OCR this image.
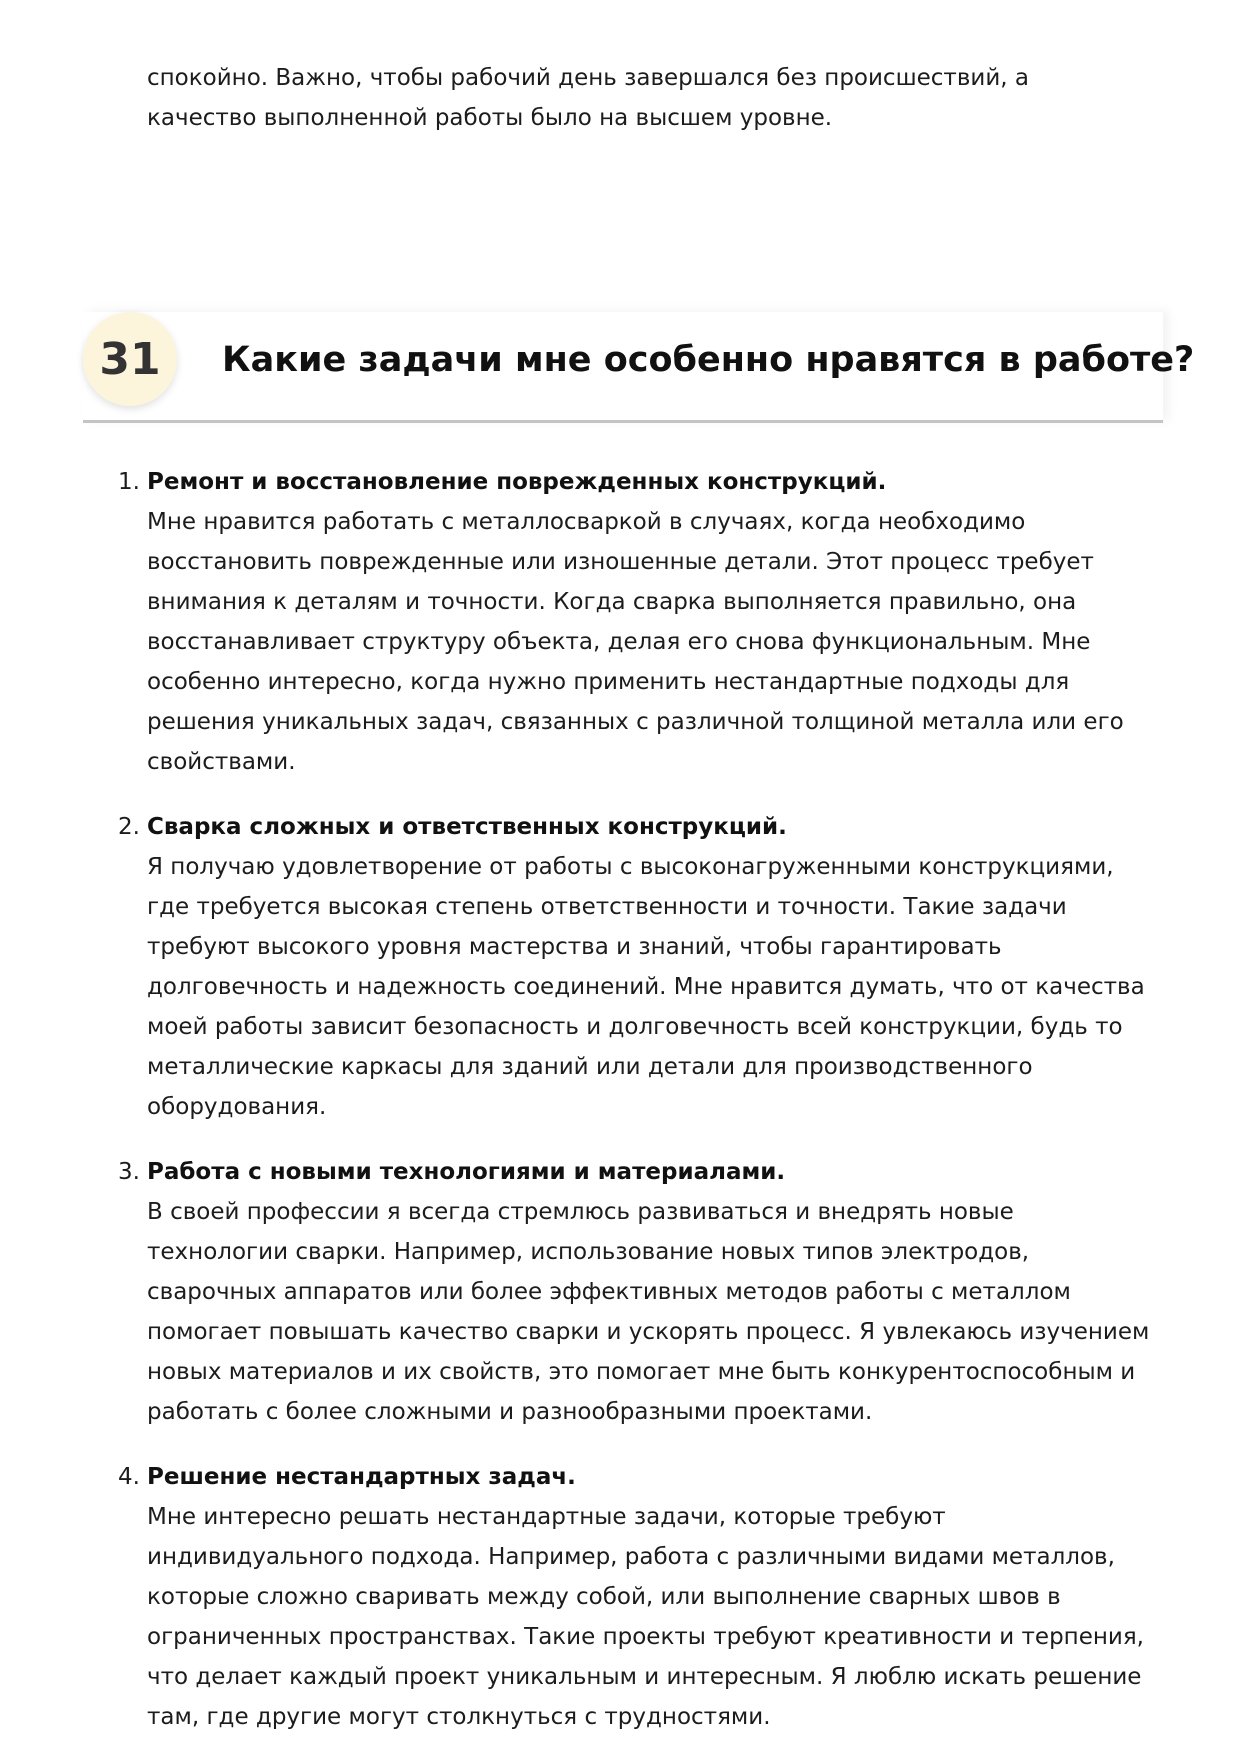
спокойно. Важно, чтобы рабочий день завершался без происшествий, а качество выполненной работы было на высшем уровне.

31	Какие задачи мне особенно нравятся в работе?
1. Ремонт и восстановление поврежденных конструкций.
Мне нравится работать с металлосваркой в случаях, когда необходимо восстановить поврежденные или изношенные детали. Этот процесс требует внимания к деталям и точности. Когда сварка выполняется правильно, она восстанавливает структуру объекта, делая его снова функциональным. Мне особенно интересно, когда нужно применить нестандартные подходы для решения уникальных задач, связанных с различной толщиной металла или его свойствами.
2. Сварка сложных и ответственных конструкций.
Я получаю удовлетворение от работы с высоконагруженными конструкциями, где требуется высокая степень ответственности и точности. Такие задачи требуют высокого уровня мастерства и знаний, чтобы гарантировать долговечность и надежность соединений. Мне нравится думать, что от качества моей работы зависит безопасность и долговечность всей конструкции, будь то металлические каркасы для зданий или детали для производственного оборудования.
3. Работа с новыми технологиями и материалами.
В своей профессии я всегда стремлюсь развиваться и внедрять новые технологии сварки. Например, использование новых типов электродов, сварочных аппаратов или более эффективных методов работы с металлом помогает повышать качество сварки и ускорять процесс. Я увлекаюсь изучением новых материалов и их свойств, это помогает мне быть конкурентоспособным и работать с более сложными и разнообразными проектами.
4. Решение нестандартных задач.
Мне интересно решать нестандартные задачи, которые требуют индивидуального подхода. Например, работа с различными видами металлов, которые сложно сваривать между собой, или выполнение сварных швов в ограниченных пространствах. Такие проекты требуют креативности и терпения, что делает каждый проект уникальным и интересным. Я люблю искать решение там, где другие могут столкнуться с трудностями.
